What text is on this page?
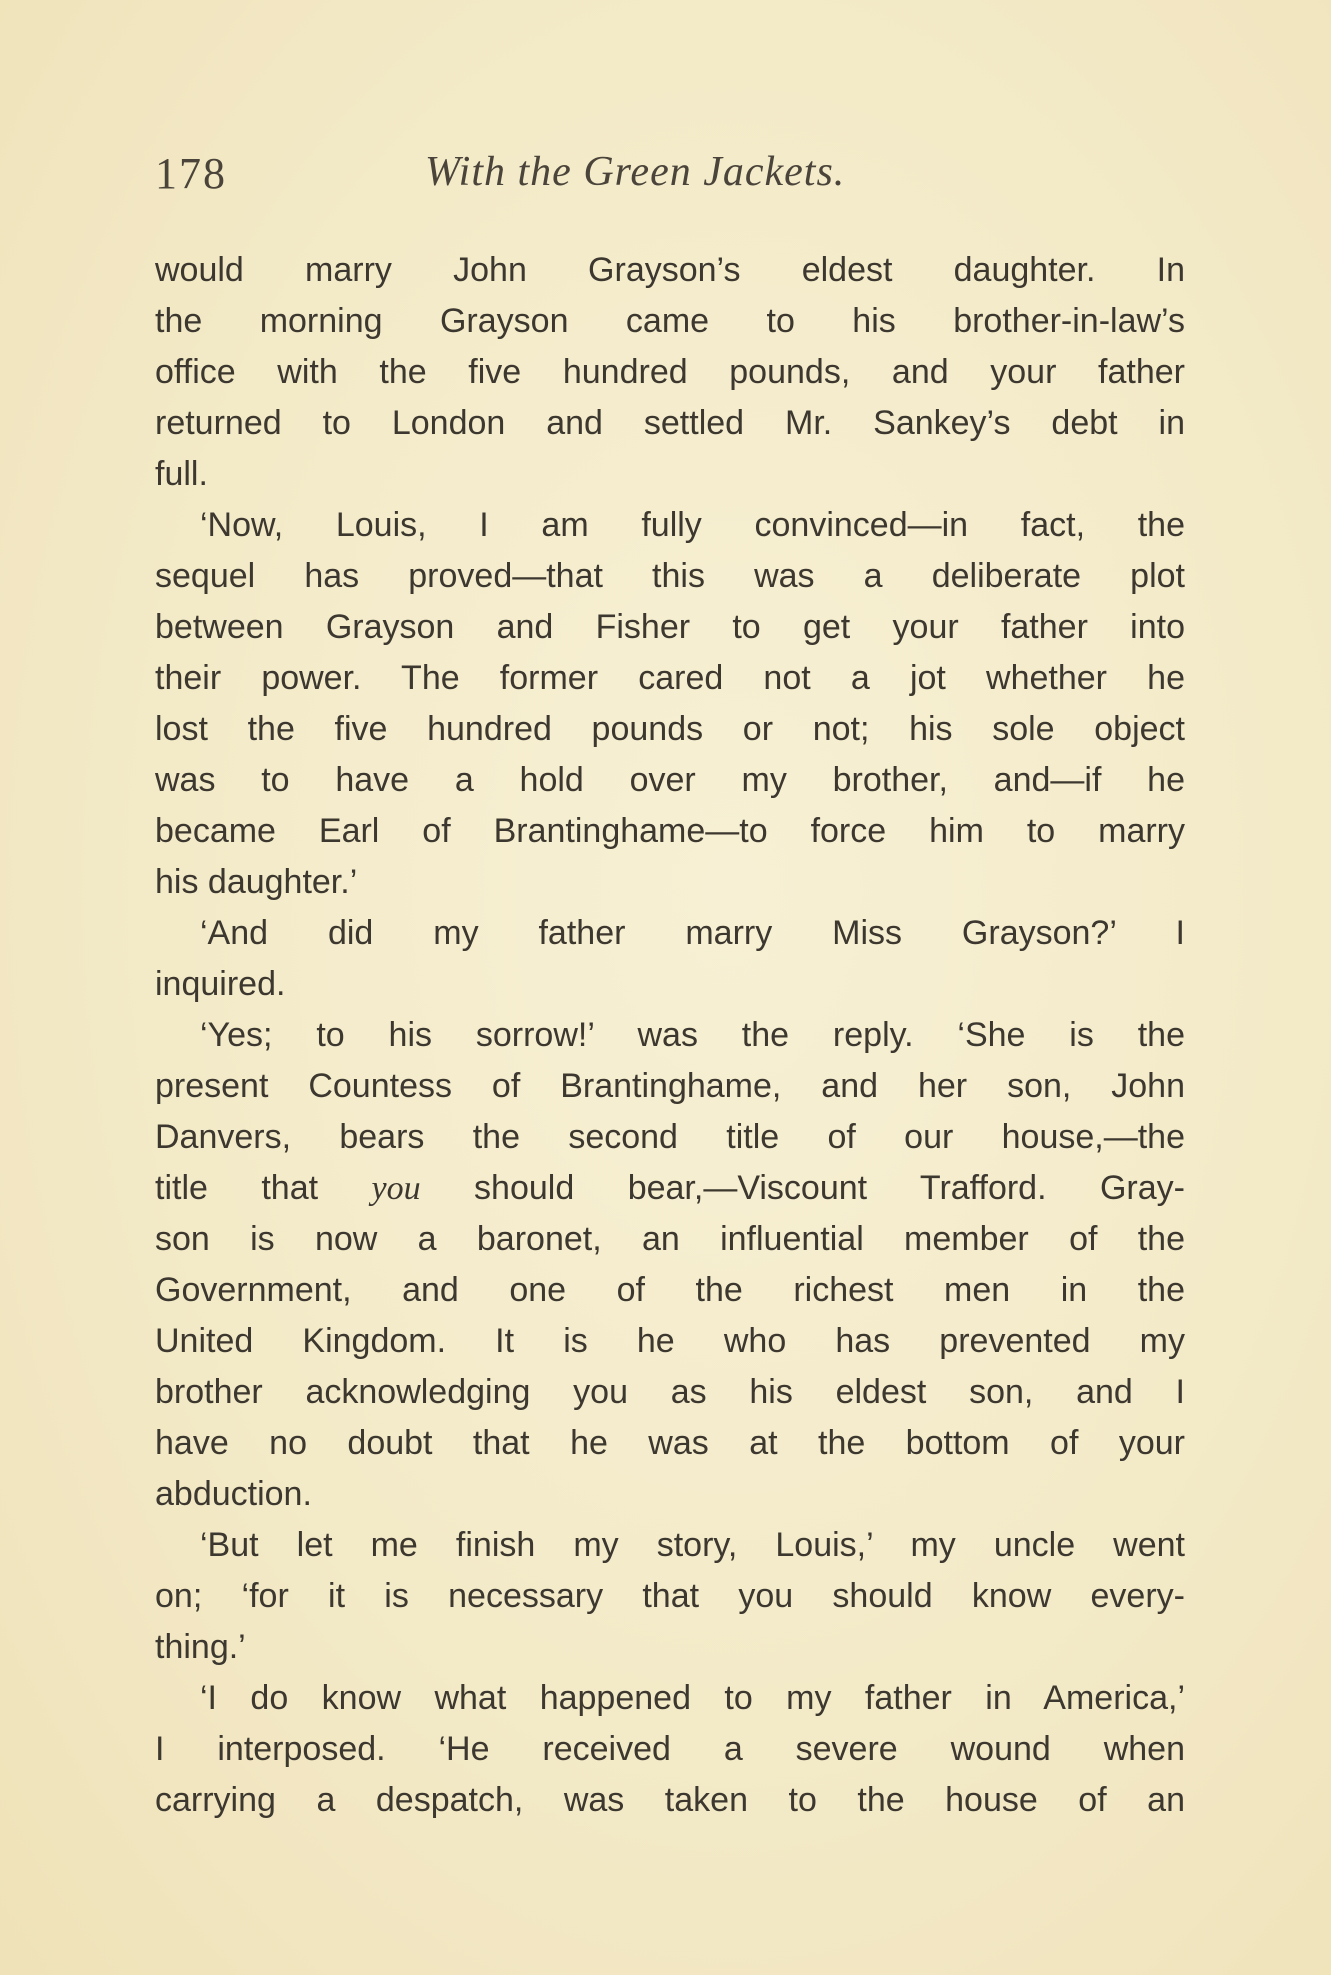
178	With the Green Jackets.
would marry John Grayson’s eldest daughter. In
the morning Grayson came to his brother-in-law’s
office with the five hundred pounds, and your father
returned to London and settled Mr. Sankey’s debt in
full.
‘Now, Louis, I am fully convinced—in fact, the
sequel has proved—that this was a deliberate plot
between Grayson and Fisher to get your father into
their power. The former cared not a jot whether he
lost the five hundred pounds or not; his sole object
was to have a hold over my brother, and—if he
became Earl of Brantinghame—to force him to marry
his daughter.’
‘And did my father marry Miss Grayson?’ I
inquired.
‘Yes; to his sorrow!’ was the reply. ‘She is the
present Countess of Brantinghame, and her son, John
Danvers, bears the second title of our house,—the
title that you should bear,—Viscount Trafford. Gray-
son is now a baronet, an influential member of the
Government, and one of the richest men in the
United Kingdom. It is he who has prevented my
brother acknowledging you as his eldest son, and I
have no doubt that he was at the bottom of your
abduction.
‘But let me finish my story, Louis,’ my uncle went
on; ‘for it is necessary that you should know every-
thing.’
‘I do know what happened to my father in America,’
I interposed. ‘He received a severe wound when
carrying a despatch, was taken to the house of an
